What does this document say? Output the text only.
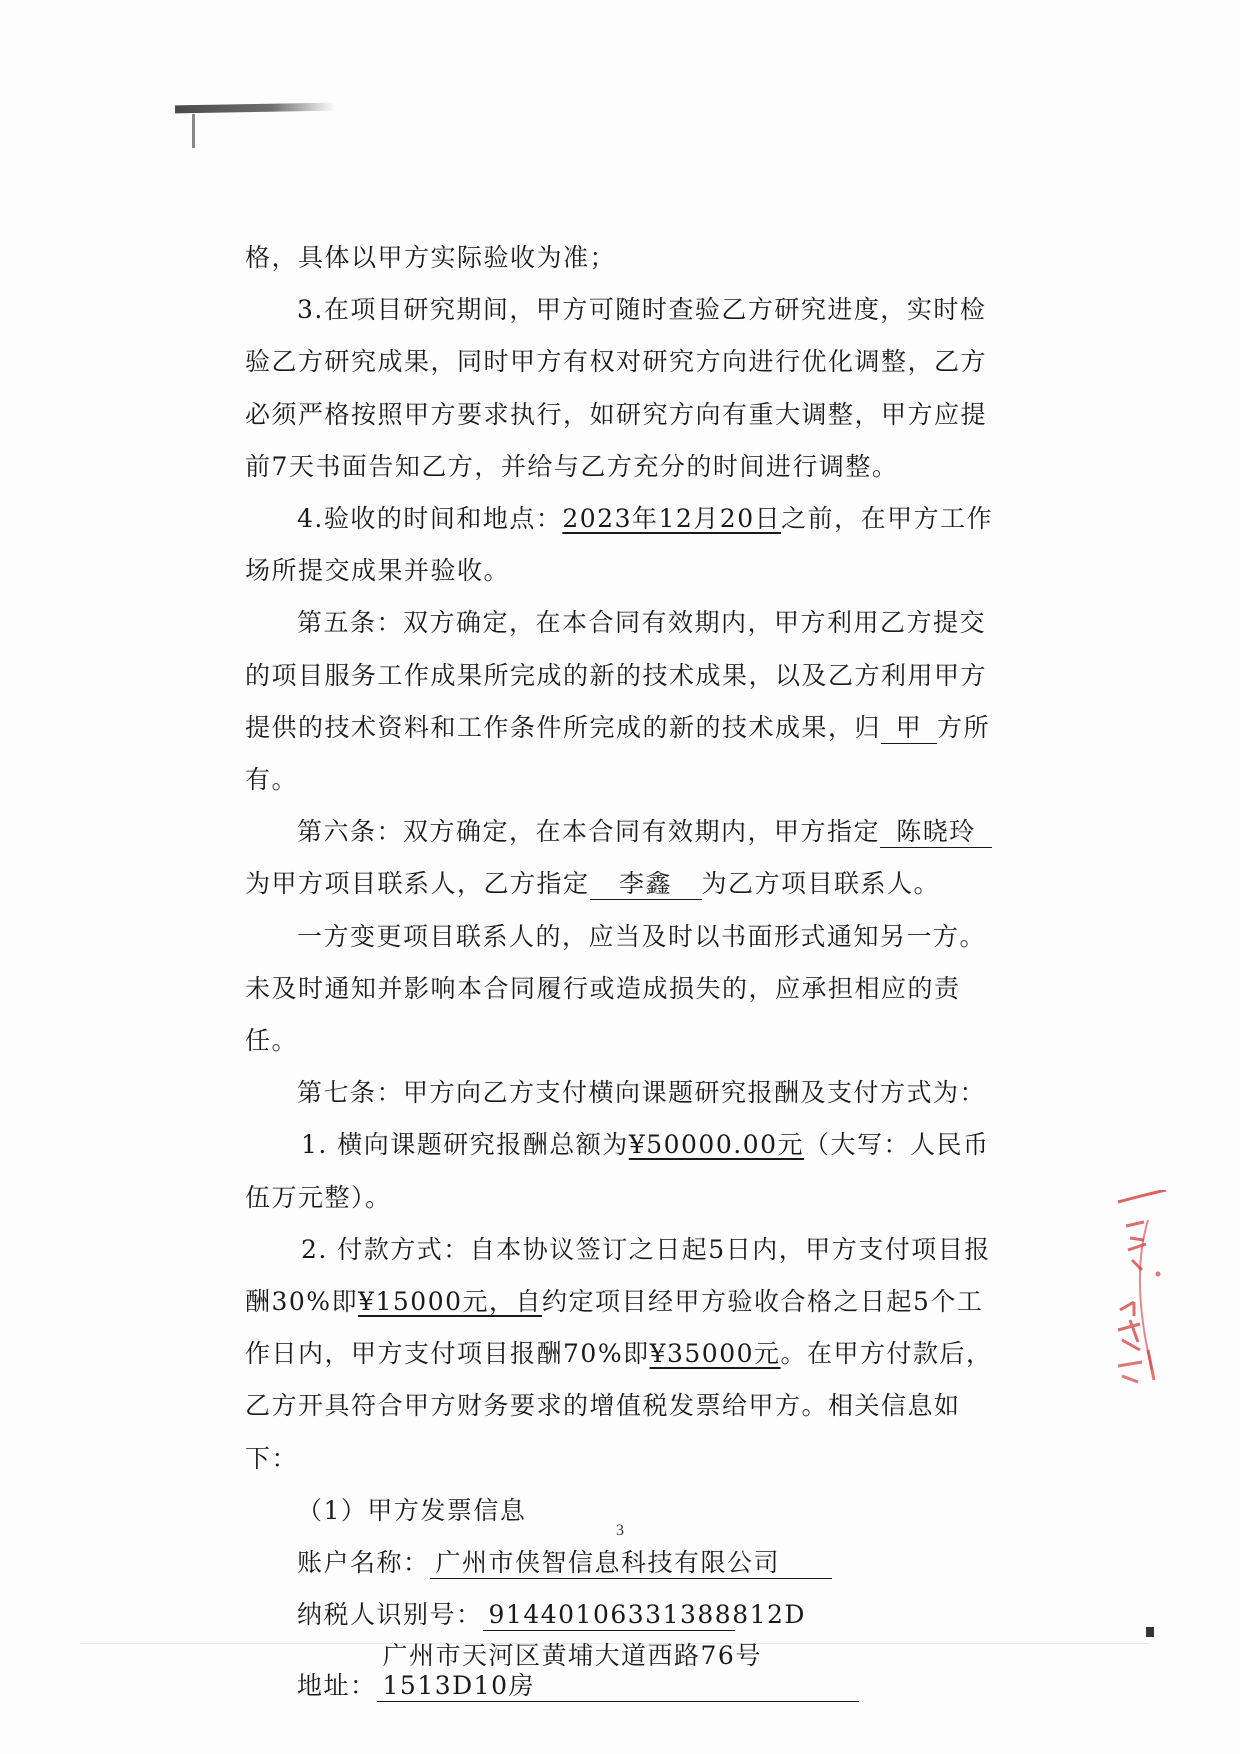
格，具体以甲方实际验收为准；

3.在项目研究期间，甲方可随时查验乙方研究进度，实时检验乙方研究成果，同时甲方有权对研究方向进行优化调整，乙方必须严格按照甲方要求执行，如研究方向有重大调整，甲方应提前7天书面告知乙方，并给与乙方充分的时间进行调整。

4.验收的时间和地点：2023年12月20日之前，在甲方工作场所提交成果并验收。

第五条：双方确定，在本合同有效期内，甲方利用乙方提交的项目服务工作成果所完成的新的技术成果，以及乙方利用甲方提供的技术资料和工作条件所完成的新的技术成果，归 甲 方所有。

第六条：双方确定，在本合同有效期内，甲方指定 陈晓玲为甲方项目联系人，乙方指定 李鑫 为乙方项目联系人。

一方变更项目联系人的，应当及时以书面形式通知另一方。未及时通知并影响本合同履行或造成损失的，应承担相应的责任。

第七条：甲方向乙方支付横向课题研究报酬及支付方式为：

1. 横向课题研究报酬总额为¥50000.00元（大写：人民币伍万元整）。

2. 付款方式：自本协议签订之日起5日内，甲方支付项目报酬30%即¥15000元，自约定项目经甲方验收合格之日起5个工作日内，甲方支付项目报酬70%即¥35000元。在甲方付款后，乙方开具符合甲方财务要求的增值税发票给甲方。相关信息如下：

（1）甲方发票信息

账户名称： 广州市侠智信息科技有限公司

纳税人识别号： 91440106331388812D

地址：广州市天河区黄埔大道西路76号1513D10房

3
